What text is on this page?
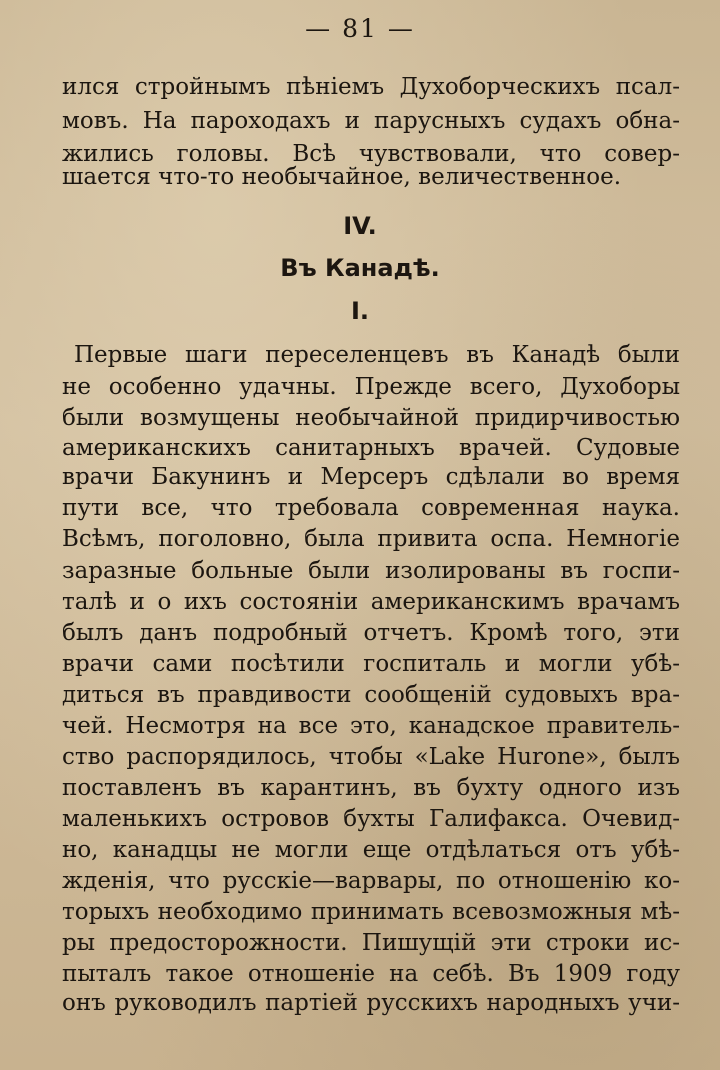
— 81 —
ился стройнымъ пѣніемъ Духоборческихъ псал-
мовъ. На пароходахъ и парусныхъ судахъ обна-
жились головы. Всѣ чувствовали, что совер-
шается что-то необычайное, величественное.
IV.
Въ Канадѣ.
I.
Первые шаги переселенцевъ въ Канадѣ были
не особенно удачны. Прежде всего, Духоборы
были возмущены необычайной придирчивостью
американскихъ санитарныхъ врачей. Судовые
врачи Бакунинъ и Мерсеръ сдѣлали во время
пути все, что требовала современная наука.
Всѣмъ, поголовно, была привита оспа. Немногіе
заразные больные были изолированы въ госпи-
талѣ и о ихъ состояніи американскимъ врачамъ
былъ данъ подробный отчетъ. Кромѣ того, эти
врачи сами посѣтили госпиталь и могли убѣ-
диться въ правдивости сообщеній судовыхъ вра-
чей. Несмотря на все это, канадское правитель-
ство распорядилось, чтобы «Lake Hurone», былъ
поставленъ въ карантинъ, въ бухту одного изъ
маленькихъ островов бухты Галифакса. Очевид-
но, канадцы не могли еще отдѣлаться отъ убѣ-
жденія, что русскіе—варвары, по отношенію ко-
торыхъ необходимо принимать всевозможныя мѣ-
ры предосторожности. Пишущій эти строки ис-
пыталъ такое отношеніе на себѣ. Въ 1909 году
онъ руководилъ партіей русскихъ народныхъ учи-
